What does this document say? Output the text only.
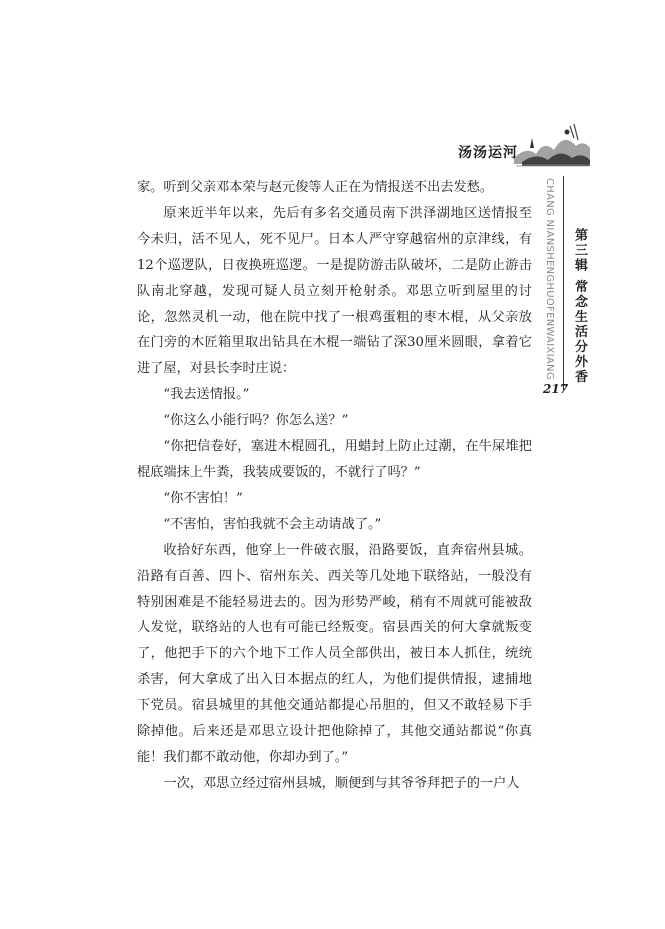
汤汤运河

家。听到父亲邓本荣与赵元俊等人正在为情报送不出去发愁。

原来近半年以来，先后有多名交通员南下洪泽湖地区送情报至今未归，活不见人，死不见尸。日本人严守穿越宿州的京津线，有12个巡逻队，日夜换班巡逻。一是提防游击队破坏，二是防止游击队南北穿越，发现可疑人员立刻开枪射杀。邓思立听到屋里的讨论，忽然灵机一动，他在院中找了一根鸡蛋粗的枣木棍，从父亲放在门旁的木匠箱里取出钻具在木棍一端钻了深30厘米圆眼，拿着它进了屋，对县长李时庄说：

“我去送情报。”

“你这么小能行吗？你怎么送？”

“你把信卷好，塞进木棍圆孔，用蜡封上防止过潮，在牛屎堆把棍底端抹上牛粪，我装成要饭的，不就行了吗？”

“你不害怕！”

“不害怕，害怕我就不会主动请战了。”

收拾好东西，他穿上一件破衣服，沿路要饭，直奔宿州县城。沿路有百善、四卜、宿州东关、西关等几处地下联络站，一般没有特别困难是不能轻易进去的。因为形势严峻，稍有不周就可能被敌人发觉，联络站的人也有可能已经叛变。宿县西关的何大拿就叛变了，他把手下的六个地下工作人员全部供出，被日本人抓住，统统杀害，何大拿成了出入日本据点的红人，为他们提供情报，逮捕地下党员。宿县城里的其他交通站都提心吊胆的，但又不敢轻易下手除掉他。后来还是邓思立设计把他除掉了，其他交通站都说“你真能！我们都不敢动他，你却办到了。”

一次，邓思立经过宿州县城，顺便到与其爷爷拜把子的一户人

CHANG NIANSHENGHUOFENWAIXIANG 第三辑 常念生活分外香
217
